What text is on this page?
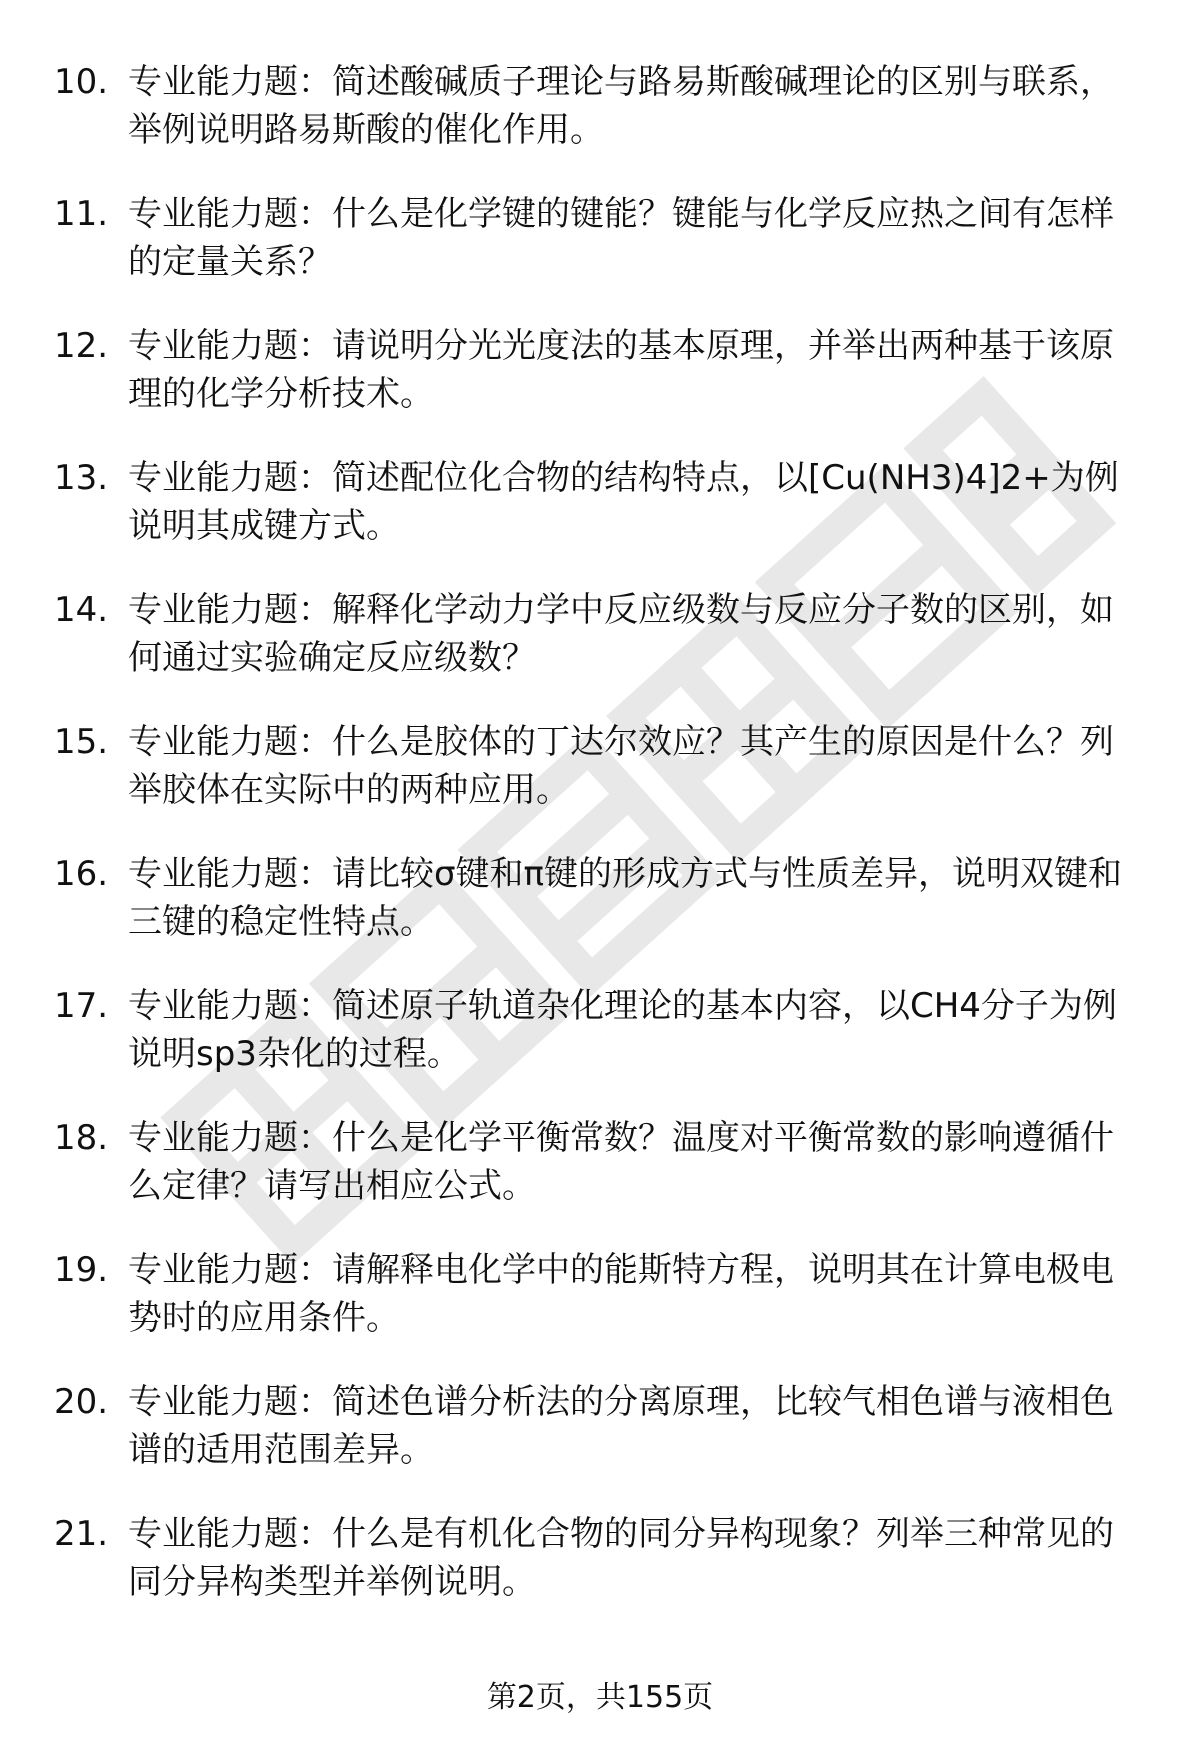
10. 专业能力题：简述酸碱质子理论与路易斯酸碱理论的区别与联系，举例说明路易斯酸的催化作用。
11. 专业能力题：什么是化学键的键能？键能与化学反应热之间有怎样的定量关系？
12. 专业能力题：请说明分光光度法的基本原理，并举出两种基于该原理的化学分析技术。
13. 专业能力题：简述配位化合物的结构特点，以[Cu(NH3)4]2+为例说明其成键方式。
14. 专业能力题：解释化学动力学中反应级数与反应分子数的区别，如何通过实验确定反应级数？
15. 专业能力题：什么是胶体的丁达尔效应？其产生的原因是什么？列举胶体在实际中的两种应用。
16. 专业能力题：请比较σ键和π键的形成方式与性质差异，说明双键和三键的稳定性特点。
17. 专业能力题：简述原子轨道杂化理论的基本内容，以CH4分子为例说明sp3杂化的过程。
18. 专业能力题：什么是化学平衡常数？温度对平衡常数的影响遵循什么定律？请写出相应公式。
19. 专业能力题：请解释电化学中的能斯特方程，说明其在计算电极电势时的应用条件。
20. 专业能力题：简述色谱分析法的分离原理，比较气相色谱与液相色谱的适用范围差异。
21. 专业能力题：什么是有机化合物的同分异构现象？列举三种常见的同分异构类型并举例说明。
第2页，共155页
